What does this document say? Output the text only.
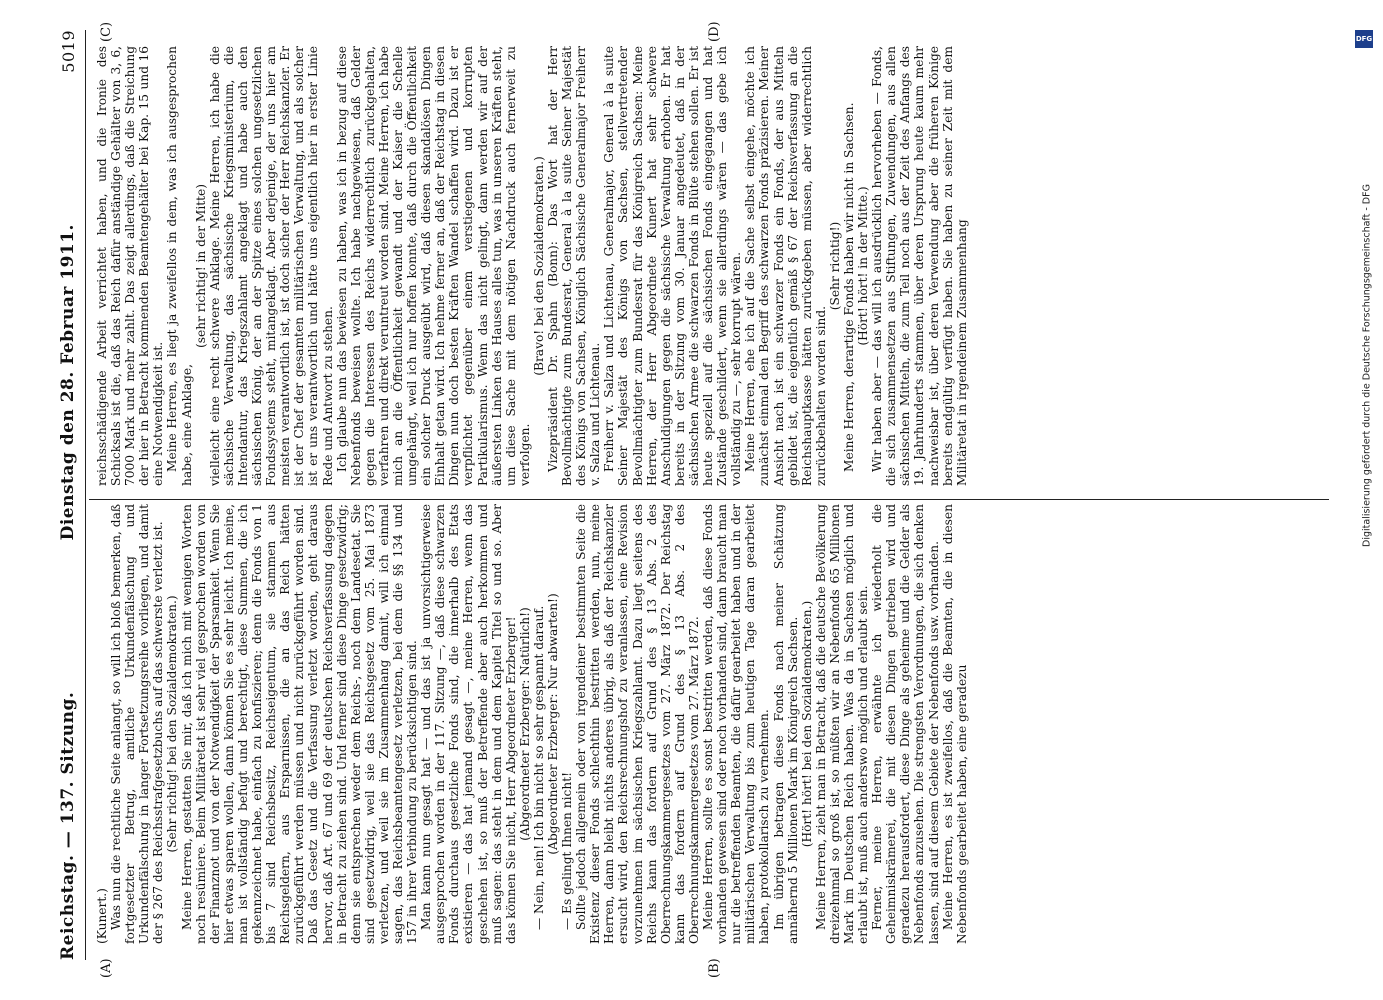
Reichstag. — 137. Sitzung.
Dienstag den 28. Februar 1911.
5019
(A)	(B)
(C)	(D)

(Kunert.) Was nun die rechtliche Seite anlangt, so will ich bloß bemerken, daß fortgesetzter Betrug, amtliche Urkundenfälschung und Urkundenfälschung in langer Fortsetzungsreihe vorliegen, und damit der § 267 des Reichsstrafgesetzbuchs auf das schwerste verletzt ist. (Sehr richtig! bei den Sozialdemokraten.) Meine Herren, gestatten Sie mir, daß ich mich mit wenigen Worten noch resümiere. Beim Militäretat ist sehr viel gesprochen worden von der Finanznot und von der Notwendigkeit der Sparsamkeit. Wenn Sie hier etwas sparen wollen, dann können Sie es sehr leicht. Ich meine, man ist vollständig befugt und berechtigt, diese Summen, die ich gekennzeichnet habe, einfach zu konfiszieren; denn die Fonds von 1 bis 7 sind Reichsbesitz, Reichseigentum, sie stammen aus Reichsgeldern, aus Ersparnissen, die an das Reich hätten zurückgeführt werden müssen und nicht zurückgeführt worden sind. Daß das Gesetz und die Verfassung verletzt worden, geht daraus hervor, daß Art. 67 und 69 der deutschen Reichsverfassung dagegen in Betracht zu ziehen sind. Und ferner sind diese Dinge gesetzwidrig; denn sie entsprechen weder dem Reichs-, noch dem Landesetat. Sie sind gesetzwidrig, weil sie das Reichsgesetz vom 25. Mai 1873 verletzen, und weil sie im Zusammenhang damit, will ich einmal sagen, das Reichsbeamtengesetz verletzen, bei dem die §§ 134 und 157 in ihrer Verbindung zu berücksichtigen sind. Man kann nun gesagt hat — und das ist ja unvorsichtigerweise ausgesprochen worden in der 117. Sitzung —, daß diese schwarzen Fonds durchaus gesetzliche Fonds sind, die innerhalb des Etats existieren — das hat jemand gesagt —, meine Herren, wenn das geschehen ist, so muß der Betreffende aber auch herkommen und muß sagen: das steht in dem und dem Kapitel Titel so und so. Aber das können Sie nicht, Herr Abgeordneter Erzberger! (Abgeordneter Erzberger: Natürlich!) — Nein, nein! Ich bin nicht so sehr gespannt darauf. (Abgeordneter Erzberger: Nur abwarten!) — Es gelingt Ihnen nicht! Sollte jedoch allgemein oder von irgendeiner bestimmten Seite die Existenz dieser Fonds schlechthin bestritten werden, nun, meine Herren, dann bleibt nichts anderes übrig, als daß der Reichskanzler ersucht wird, den Reichsrechnungshof zu veranlassen, eine Revision vorzunehmen im sächsischen Kriegszahlamt. Dazu liegt seitens des Reichs kann das fordern auf Grund des § 13 Abs. 2 des Oberrechnungskammergesetzes vom 27. März 1872. Der Reichstag kann das fordern auf Grund des § 13 Abs. 2 des Oberrechnungskammergesetzes vom 27. März 1872. Meine Herren, sollte es sonst bestritten werden, daß diese Fonds vorhanden gewesen sind oder noch vorhanden sind, dann braucht man nur die betreffenden Beamten, die dafür gearbeitet haben und in der militärischen Verwaltung bis zum heutigen Tage daran gearbeitet haben, protokollarisch zu vernehmen. Im übrigen betragen diese Fonds nach meiner Schätzung annähernd 5 Millionen Mark im Königreich Sachsen. (Hört! hört! bei den Sozialdemokraten.) Meine Herren, zieht man in Betracht, daß die deutsche Bevölkerung dreizehnmal so groß ist, so müßten wir an Nebenfonds 65 Millionen Mark im Deutschen Reich haben. Was da in Sachsen möglich und erlaubt ist, muß auch anderswo möglich und erlaubt sein. Ferner, meine Herren, erwähnte ich wiederholt die Geheimniskrämerei, die mit diesen Dingen getrieben wird und geradezu herausfordert, diese Dinge als geheime und die Gelder als Nebenfonds anzusehen. Die strengsten Verordnungen, die sich denken lassen, sind auf diesem Gebiete der Nebenfonds usw. vorhanden. Meine Herren, es ist zweifellos, daß die Beamten, die in diesen Nebenfonds gearbeitet haben, eine geradezu

reichsschädigende Arbeit verrichtet haben, und die Ironie des Schicksals ist die, daß das Reich dafür anständige Gehälter von 3, 6, 7000 Mark und mehr zahlt. Das zeigt allerdings, daß die Streichung der hier in Betracht kommenden Beamtengehälter bei Kap. 15 und 16 eine Notwendigkeit ist. Meine Herren, es liegt ja zweifellos in dem, was ich ausgesprochen habe, eine Anklage,

(sehr richtig! in der Mitte) vielleicht eine recht schwere Anklage. Meine Herren, ich habe die sächsische Verwaltung, das sächsische Kriegsministerium, die Intendantur, das Kriegszahlamt angeklagt und habe auch den sächsischen König, der an der Spitze eines solchen ungesetzlichen Fondssystems steht, mitangeklagt. Aber derjenige, der uns hier am meisten verantwortlich ist, ist doch sicher der Herr Reichskanzler. Er ist der Chef der gesamten militärischen Verwaltung, und als solcher ist er uns verantwortlich und hätte uns eigentlich hier in erster Linie Rede und Antwort zu stehen. Ich glaube nun das bewiesen zu haben, was ich in bezug auf diese Nebenfonds beweisen wollte. Ich habe nachgewiesen, daß Gelder gegen die Interessen des Reichs widerrechtlich zurückgehalten, verfahren und direkt veruntreut worden sind. Meine Herren, ich habe mich an die Öffentlichkeit gewandt und der Kaiser die Schelle umgehängt, weil ich nur hoffen konnte, daß durch die Öffentlichkeit ein solcher Druck ausgeübt wird, daß diesen skandalösen Dingen Einhalt getan wird. Ich nehme ferner an, daß der Reichstag in diesen Dingen nun doch besten Kräften Wandel schaffen wird. Dazu ist er verpflichtet gegenüber einem verstiegenen und korrupten Partikularismus. Wenn das nicht gelingt, dann werden wir auf der äußersten Linken des Hauses alles tun, was in unseren Kräften steht, um diese Sache mit dem nötigen Nachdruck auch fernerweit zu verfolgen.

(Bravo! bei den Sozialdemokraten.) Vizepräsident Dr. Spahn (Bonn): Das Wort hat der Herr Bevollmächtigte zum Bundesrat, General à la suite Seiner Majestät des Königs von Sachsen, Königlich Sächsische Generalmajor Freiherr v. Salza und Lichtenau. Freiherr v. Salza und Lichtenau, Generalmajor, General à la suite Seiner Majestät des Königs von Sachsen, stellvertretender Bevollmächtigter zum Bundesrat für das Königreich Sachsen: Meine Herren, der Herr Abgeordnete Kunert hat sehr schwere Anschuldigungen gegen die sächsische Verwaltung erhoben. Er hat bereits in der Sitzung vom 30. Januar angedeutet, daß in der sächsischen Armee die schwarzen Fonds in Blüte stehen sollen. Er ist heute speziell auf die sächsischen Fonds eingegangen und hat Zustände geschildert, wenn sie allerdings wären — das gebe ich vollständig zu —, sehr korrupt wären. Meine Herren, ehe ich auf die Sache selbst eingehe, möchte ich zunächst einmal den Begriff des schwarzen Fonds präzisieren. Meiner Ansicht nach ist ein schwarzer Fonds ein Fonds, der aus Mitteln gebildet ist, die eigentlich gemäß § 67 der Reichsverfassung an die Reichshauptkasse hätten zurückgeben müssen, aber widerrechtlich zurückbehalten worden sind.

(Sehr richtig!) Meine Herren, derartige Fonds haben wir nicht in Sachsen. (Hört! hört! in der Mitte.) Wir haben aber — das will ich ausdrücklich hervorheben — Fonds, die sich zusammensetzen aus Stiftungen, Zuwendungen, aus allen sächsischen Mitteln, die zum Teil noch aus der Zeit des Anfangs des 19. Jahrhunderts stammen, über deren Ursprung heute kaum mehr nachweisbar ist, über deren Verwendung aber die früheren Könige bereits endgültig verfügt haben. Sie haben zu seiner Zeit mit dem Militäretat in irgendeinem Zusammenhang

DFG
Digitalisierung gefördert durch die Deutsche Forschungsgemeinschaft - DFG
